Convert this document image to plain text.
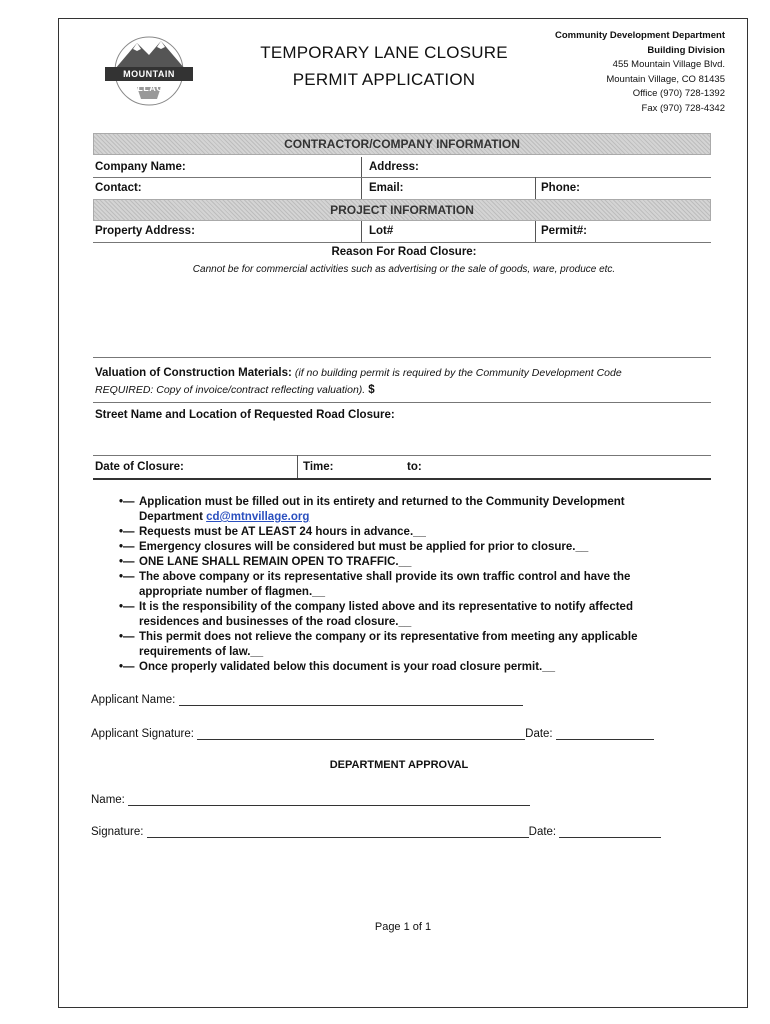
MOUNTAIN VILLAGE
TEMPORARY LANE CLOSURE
PERMIT APPLICATION
Community Development Department
Building Division
455 Mountain Village Blvd.
Mountain Village, CO 81435
Office (970) 728-1392
Fax (970) 728-4342
CONTRACTOR/COMPANY INFORMATION
Company Name:	Address:
Contact:	Email:	Phone:
PROJECT INFORMATION
Property Address:	Lot#	Permit#:
Reason For Road Closure:
Cannot be for commercial activities such as advertising or the sale of goods, ware, produce etc.
Valuation of Construction Materials: (if no building permit is required by the Community Development Code
REQUIRED: Copy of invoice/contract reflecting valuation). $
Street Name and Location of Requested Road Closure:
Date of Closure:	Time:	to:
•— Application must be filled out in its entirety and returned to the Community Development
Department cd@mtnvillage.org
•— Requests must be AT LEAST 24 hours in advance.__
•— Emergency closures will be considered but must be applied for prior to closure.__
•— ONE LANE SHALL REMAIN OPEN TO TRAFFIC.__
•— The above company or its representative shall provide its own traffic control and have the
appropriate number of flagmen.__
•— It is the responsibility of the company listed above and its representative to notify affected
residences and businesses of the road closure.__
•— This permit does not relieve the company or its representative from meeting any applicable
requirements of law.__
•— Once properly validated below this document is your road closure permit.__
Applicant Name:
Applicant Signature:	Date:
DEPARTMENT APPROVAL
Name:
Signature:	Date:
Page 1 of 1
